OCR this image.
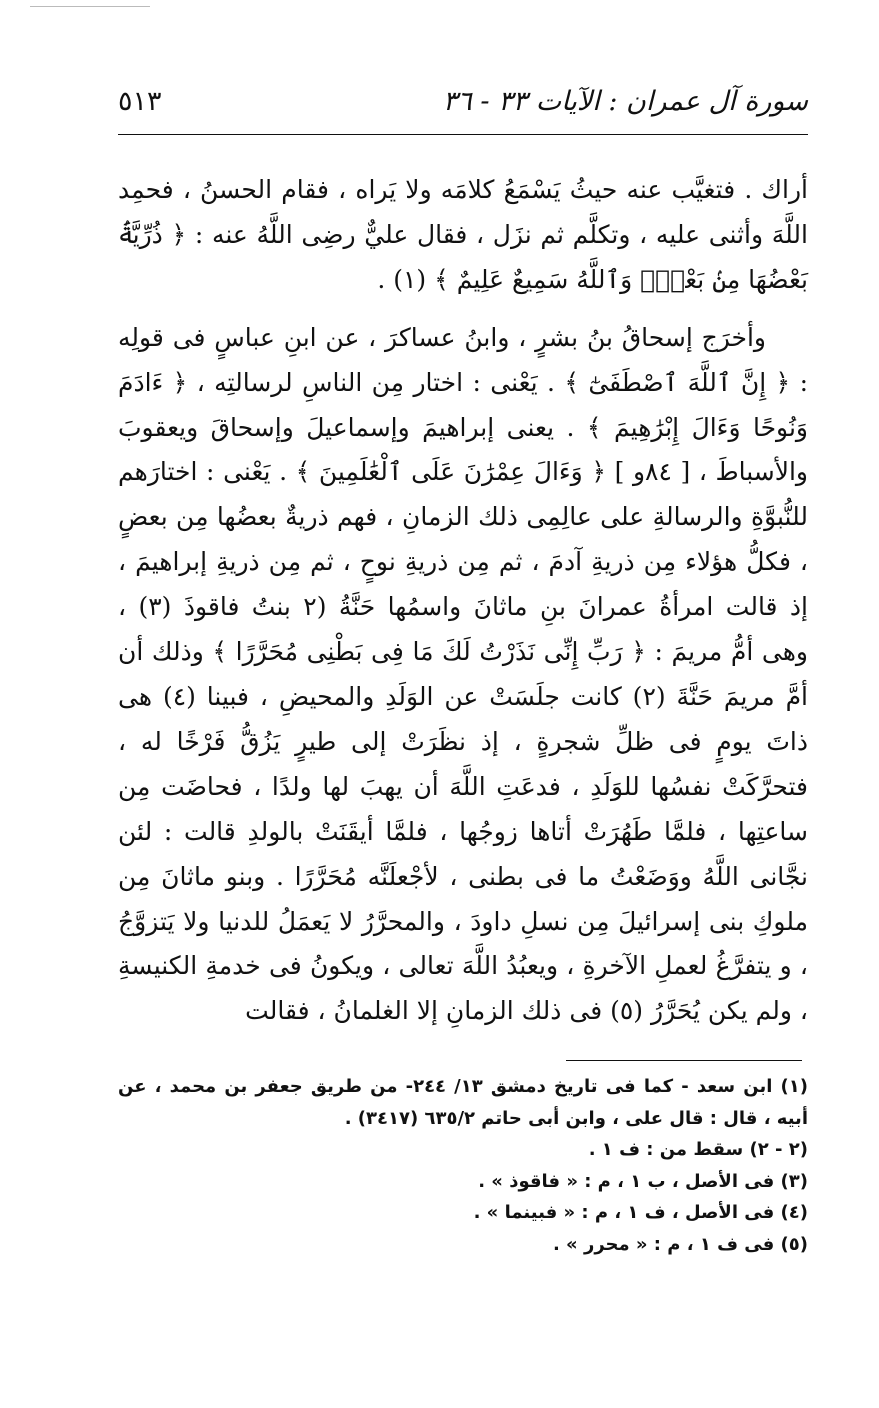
سورة آل عمران : الآيات ٣٣ - ٣٦
٥١٣

أراك . فتغيَّب عنه حيثُ يَسْمَعُ كلامَه ولا يَراه ، فقام الحسنُ ، فحمِد اللَّهَ وأثنى عليه ، وتكلَّم ثم نزَل ، فقال عليٌّ رضِى اللَّهُ عنه : ﴿ ذُرِّيَّةَۢ بَعْضُهَا مِنۢ بَعْضٍۗ وَٱللَّهُ سَمِيعٌ عَلِيمٌ ﴾ (١) .

وأخرَج إسحاقُ بنُ بشرٍ ، وابنُ عساكرَ ، عن ابنِ عباسٍ فى قولِه : ﴿ إِنَّ ٱللَّهَ ٱصْطَفَىٰٓ ﴾ . يَعْنى : اختار مِن الناسِ لرسالتِه ، ﴿ ءَادَمَ وَنُوحًا وَءَالَ إِبْرَٰهِيمَ ﴾ . يعنى إبراهيمَ وإسماعيلَ وإسحاقَ ويعقوبَ والأسباطَ ، [ ٨٤و ] ﴿ وَءَالَ عِمْرَٰنَ عَلَى ٱلْعَٰلَمِينَ ﴾ . يَعْنى : اختارَهم للنُّبوَّةِ والرسالةِ على عالِمِى ذلك الزمانِ ، فهم ذريةٌ بعضُها مِن بعضٍ ، فكلُّ هؤلاء مِن ذريةِ آدمَ ، ثم مِن ذريةِ نوحٍ ، ثم مِن ذريةِ إبراهيمَ ، إذ قالت امرأةُ عمرانَ بنِ ماثانَ واسمُها حَنَّةُ (٢ بنتُ فاقوذَ (٣) ، وهى أمُّ مريمَ : ﴿ رَبِّ إِنِّى نَذَرْتُ لَكَ مَا فِى بَطْنِى مُحَرَّرًا ﴾ وذلك أن أمَّ مريمَ حَنَّةَ (٢) كانت جلَسَتْ عن الوَلَدِ والمحيضِ ، فبينا (٤) هى ذاتَ يومٍ فى ظلِّ شجرةٍ ، إذ نظَرَتْ إلى طيرٍ يَزُقُّ فَرْخًا له ، فتحرَّكَتْ نفسُها للوَلَدِ ، فدعَتِ اللَّهَ أن يهبَ لها ولدًا ، فحاضَت مِن ساعتِها ، فلمَّا طَهُرَتْ أتاها زوجُها ، فلمَّا أيقَنَتْ بالولدِ قالت : لئن نجَّانى اللَّهُ ووَضَعْتُ ما فى بطنى ، لأجْعلَنَّه مُحَرَّرًا . وبنو ماثانَ مِن ملوكِ بنى إسرائيلَ مِن نسلِ داودَ ، والمحرَّرُ لا يَعمَلُ للدنيا ولا يَتزوَّجُ ، و يتفرَّغُ لعملِ الآخرةِ ، ويعبُدُ اللَّهَ تعالى ، ويكونُ فى خدمةِ الكنيسةِ ، ولم يكن يُحَرَّرُ (٥) فى ذلك الزمانِ إلا الغلمانُ ، فقالت

(١) ابن سعد - كما فى تاريخ دمشق ١٣/ ٢٤٤- من طريق جعفر بن محمد ، عن أبيه ، قال : قال على ، وابن أبى حاتم ٦٣٥/٢ (٣٤١٧) .
(٢ - ٢) سقط من : ف ١ .
(٣) فى الأصل ، ب ١ ، م : « فاقوذ » .
(٤) فى الأصل ، ف ١ ، م : « فبينما » .
(٥) فى ف ١ ، م : « محرر » .
